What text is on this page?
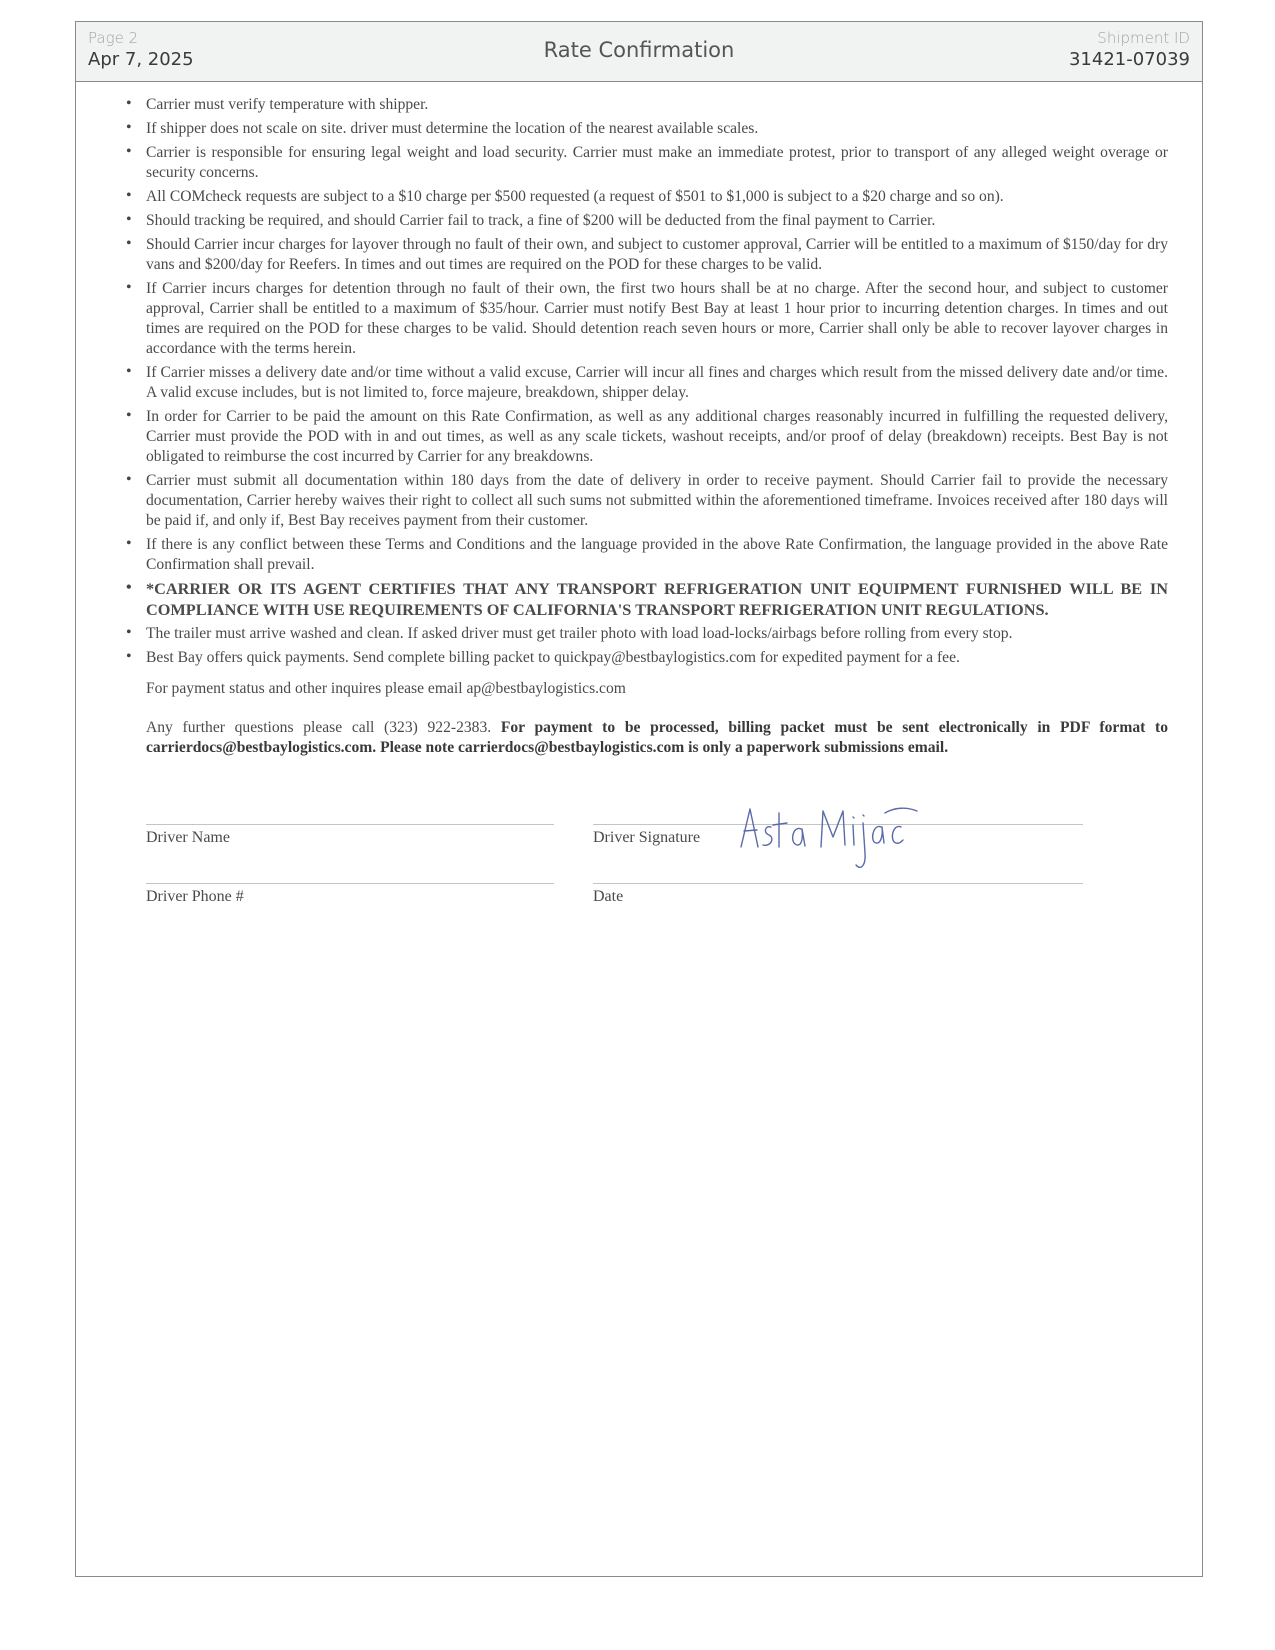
Page 2
Apr 7, 2025	Rate Confirmation	Shipment ID
31421-07039
• Carrier must verify temperature with shipper.
• If shipper does not scale on site. driver must determine the location of the nearest available scales.
• Carrier is responsible for ensuring legal weight and load security. Carrier must make an immediate protest, prior to transport of any alleged weight overage or security concerns.
• All COMcheck requests are subject to a $10 charge per $500 requested (a request of $501 to $1,000 is subject to a $20 charge and so on).
• Should tracking be required, and should Carrier fail to track, a fine of $200 will be deducted from the final payment to Carrier.
• Should Carrier incur charges for layover through no fault of their own, and subject to customer approval, Carrier will be entitled to a maximum of $150/day for dry vans and $200/day for Reefers. In times and out times are required on the POD for these charges to be valid.
• If Carrier incurs charges for detention through no fault of their own, the first two hours shall be at no charge. After the second hour, and subject to customer approval, Carrier shall be entitled to a maximum of $35/hour. Carrier must notify Best Bay at least 1 hour prior to incurring detention charges. In times and out times are required on the POD for these charges to be valid. Should detention reach seven hours or more, Carrier shall only be able to recover layover charges in accordance with the terms herein.
• If Carrier misses a delivery date and/or time without a valid excuse, Carrier will incur all fines and charges which result from the missed delivery date and/or time. A valid excuse includes, but is not limited to, force majeure, breakdown, shipper delay.
• In order for Carrier to be paid the amount on this Rate Confirmation, as well as any additional charges reasonably incurred in fulfilling the requested delivery, Carrier must provide the POD with in and out times, as well as any scale tickets, washout receipts, and/or proof of delay (breakdown) receipts. Best Bay is not obligated to reimburse the cost incurred by Carrier for any breakdowns.
• Carrier must submit all documentation within 180 days from the date of delivery in order to receive payment. Should Carrier fail to provide the necessary documentation, Carrier hereby waives their right to collect all such sums not submitted within the aforementioned timeframe. Invoices received after 180 days will be paid if, and only if, Best Bay receives payment from their customer.
• If there is any conflict between these Terms and Conditions and the language provided in the above Rate Confirmation, the language provided in the above Rate Confirmation shall prevail.
• *CARRIER OR ITS AGENT CERTIFIES THAT ANY TRANSPORT REFRIGERATION UNIT EQUIPMENT FURNISHED WILL BE IN COMPLIANCE WITH USE REQUIREMENTS OF CALIFORNIA'S TRANSPORT REFRIGERATION UNIT REGULATIONS.
• The trailer must arrive washed and clean. If asked driver must get trailer photo with load load-locks/airbags before rolling from every stop.
• Best Bay offers quick payments. Send complete billing packet to quickpay@bestbaylogistics.com for expedited payment for a fee.
For payment status and other inquires please email ap@bestbaylogistics.com
Any further questions please call (323) 922-2383. For payment to be processed, billing packet must be sent electronically in PDF format to carrierdocs@bestbaylogistics.com. Please note carrierdocs@bestbaylogistics.com is only a paperwork submissions email.
Driver Name	Driver Signature
Driver Phone #	Date
